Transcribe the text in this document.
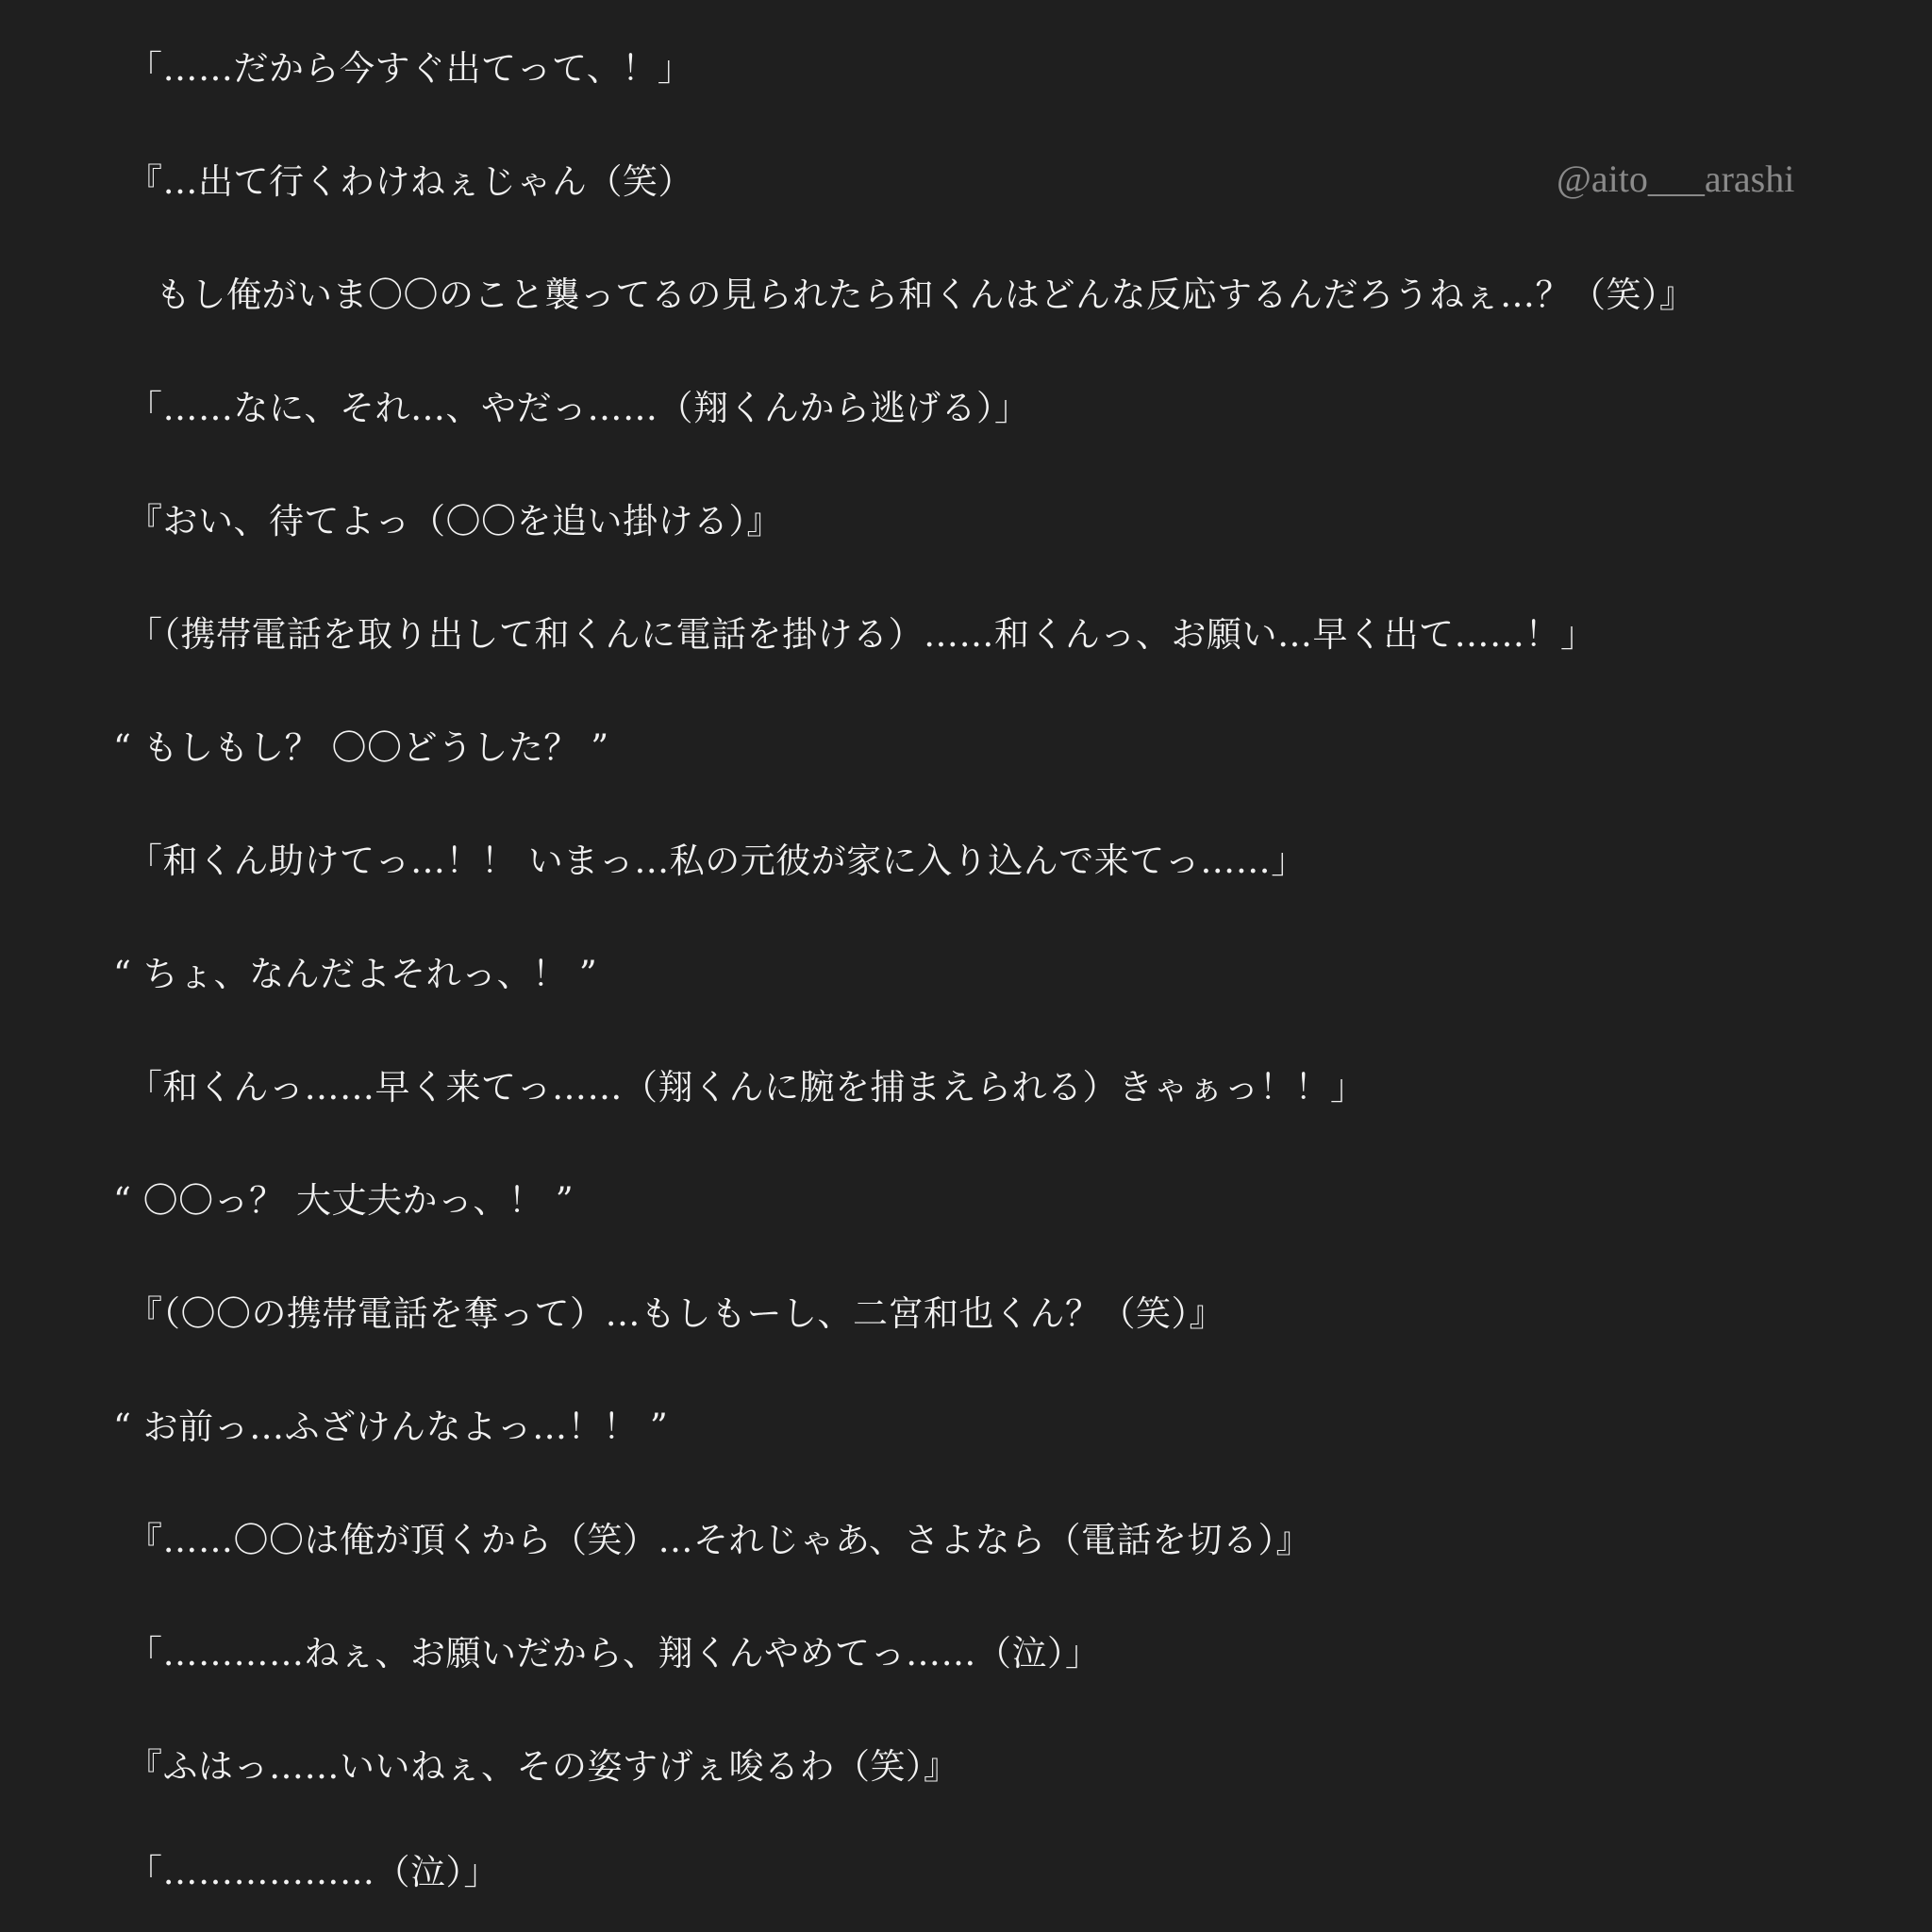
「……だから今すぐ出てって、！」
@aito___arashi
『…出て行くわけねぇじゃん（笑）
もし俺がいま〇〇のこと襲ってるの見られたら和くんはどんな反応するんだろうねぇ…？（笑）』
「……なに、それ…、やだっ……（翔くんから逃げる）」
『おい、待てよっ（〇〇を追い掛ける）』
「（携帯電話を取り出して和くんに電話を掛ける）……和くんっ、お願い…早く出て……！」
“ もしもし？ 〇〇どうした？ ”
「和くん助けてっ…！！ いまっ…私の元彼が家に入り込んで来てっ……」
“ ちょ、なんだよそれっ、！ ”
「和くんっ……早く来てっ……（翔くんに腕を捕まえられる）きゃぁっ！！」
“ 〇〇っ？ 大丈夫かっ、！ ”
『（〇〇の携帯電話を奪って）…もしもーし、二宮和也くん？（笑）』
“ お前っ…ふざけんなよっ…！！ ”
『……〇〇は俺が頂くから（笑）…それじゃあ、さよなら（電話を切る）』
「…………ねぇ、お願いだから、翔くんやめてっ……（泣）」
『ふはっ……いいねぇ、その姿すげぇ唆るわ（笑）』
「………………（泣）」
